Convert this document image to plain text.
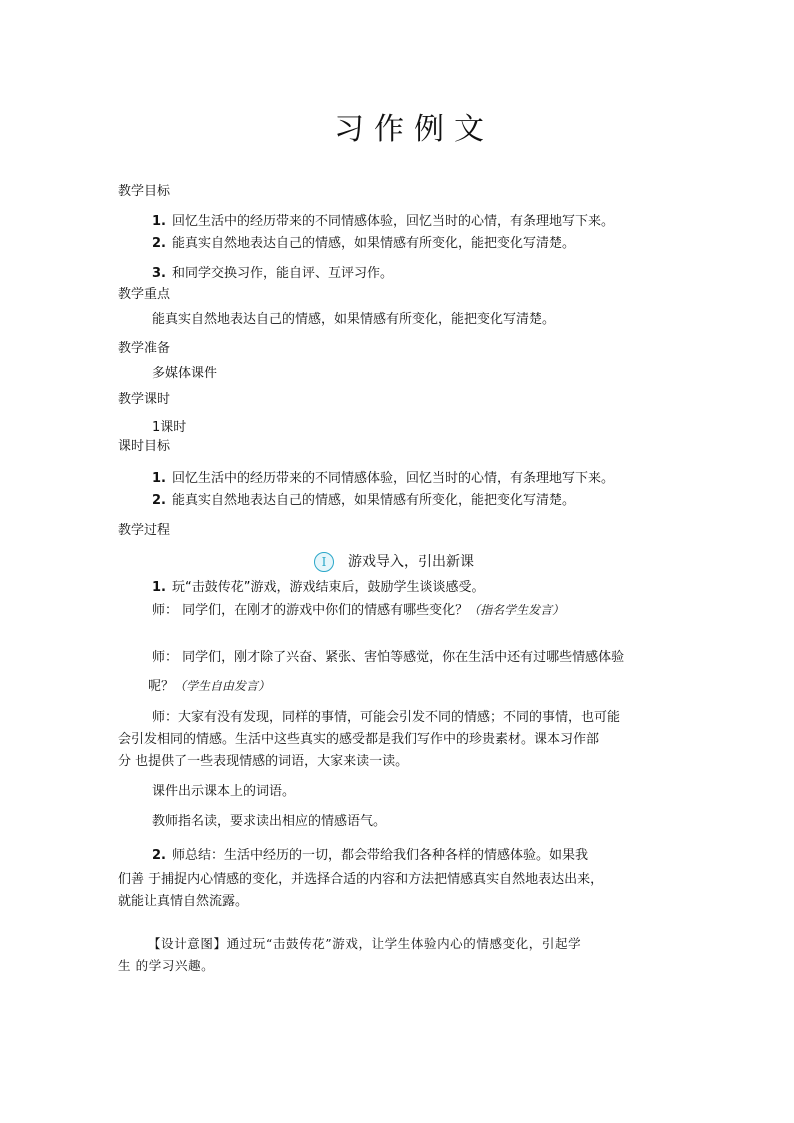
习作例文
教学目标
1. 回忆生活中的经历带来的不同情感体验，回忆当时的心情，有条理地写下来。
2. 能真实自然地表达自己的情感，如果情感有所变化，能把变化写清楚。
3. 和同学交换习作，能自评、互评习作。
教学重点
能真实自然地表达自己的情感，如果情感有所变化，能把变化写清楚。
教学准备
多媒体课件
教学课时
1课时
课时目标
1. 回忆生活中的经历带来的不同情感体验，回忆当时的心情，有条理地写下来。
2. 能真实自然地表达自己的情感，如果情感有所变化，能把变化写清楚。
教学过程
I	游戏导入，引出新课
1. 玩“击鼓传花”游戏，游戏结束后，鼓励学生谈谈感受。
师： 同学们，在刚才的游戏中你们的情感有哪些变化？（指名学生发言）
师： 同学们，刚才除了兴奋、紧张、害怕等感觉，你在生活中还有过哪些情感体验
呢？（学生自由发言）
师：大家有没有发现，同样的事情，可能会引发不同的情感；不同的事情，也可能
会引发相同的情感。生活中这些真实的感受都是我们写作中的珍贵素材。课本习作部
分 也提供了一些表现情感的词语，大家来读一读。
课件出示课本上的词语。
教师指名读，要求读出相应的情感语气。
2. 师总结：生活中经历的一切，都会带给我们各种各样的情感体验。如果我
们善 于捕捉内心情感的变化，并选择合适的内容和方法把情感真实自然地表达出来，
就能让真情自然流露。
【设计意图】通过玩“击鼓传花”游戏，让学生体验内心的情感变化，引起学
生 的学习兴趣。
